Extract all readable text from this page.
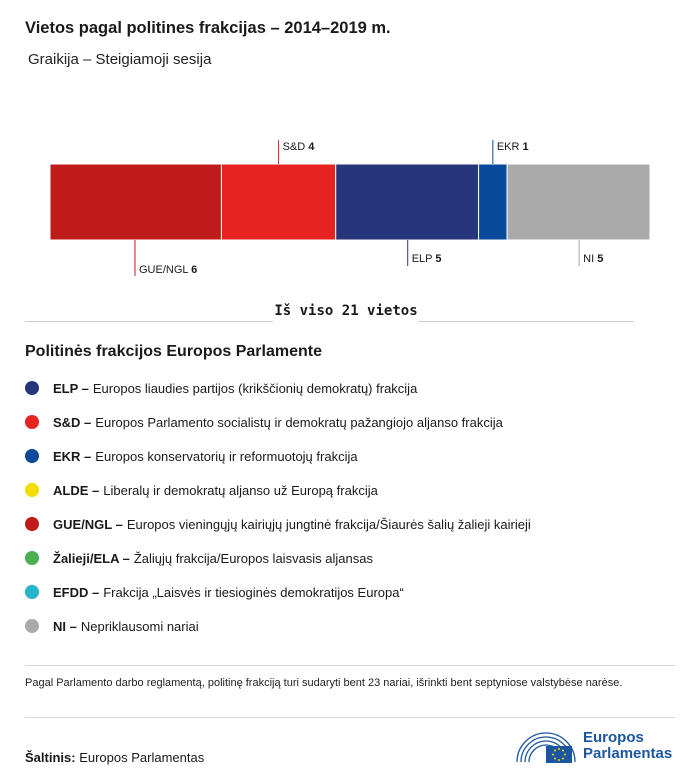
Vietos pagal politines frakcijas – 2014–2019 m.
Graikija – Steigiamoji sesija
GUE/NGL 6
S&D 4
ELP 5
EKR 1
NI 5
Iš viso 21 vietos
Politinės frakcijos Europos Parlamente
ELP – Europos liaudies partijos (krikščionių demokratų) frakcija
S&D – Europos Parlamento socialistų ir demokratų pažangiojo aljanso frakcija
EKR – Europos konservatorių ir reformuotojų frakcija
ALDE – Liberalų ir demokratų aljanso už Europą frakcija
GUE/NGL – Europos vieningųjų kairiųjų jungtinė frakcija/Šiaurės šalių žalieji kairieji
Žalieji/ELA – Žaliųjų frakcija/Europos laisvasis aljansas
EFDD – Frakcija „Laisvės ir tiesioginės demokratijos Europa“
NI – Nepriklausomi nariai
Pagal Parlamento darbo reglamentą, politinę frakciją turi sudaryti bent 23 nariai, išrinkti bent septyniose valstybėse narėse.
Šaltinis: Europos Parlamentas
Europos
Parlamentas
